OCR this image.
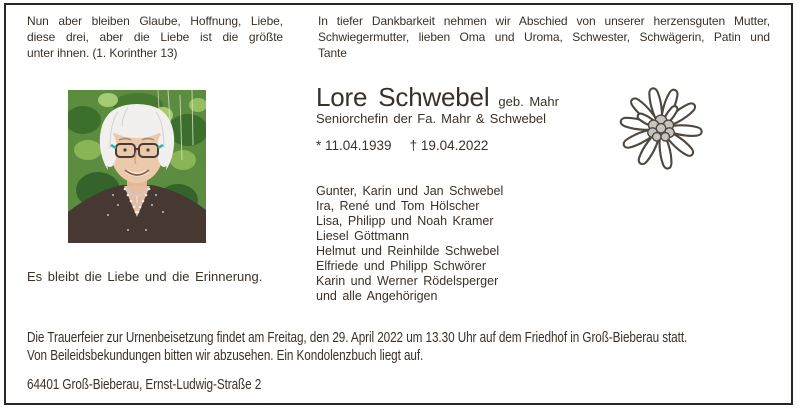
Nun aber bleiben Glaube, Hoffnung, Liebe,
diese drei, aber die Liebe ist die größte
unter ihnen. (1. Korinther 13)
In tiefer Dankbarkeit nehmen wir Abschied von unserer herzensguten Mutter,
Schwiegermutter, lieben Oma und Uroma, Schwester, Schwägerin, Patin und
Tante
Lore Schwebel geb. Mahr
Seniorchefin der Fa. Mahr & Schwebel
* 11.04.1939 † 19.04.2022
Gunter, Karin und Jan Schwebel
Ira, René und Tom Hölscher
Lisa, Philipp und Noah Kramer
Liesel Göttmann
Helmut und Reinhilde Schwebel
Elfriede und Philipp Schwörer
Karin und Werner Rödelsperger
und alle Angehörigen
Es bleibt die Liebe und die Erinnerung.
Die Trauerfeier zur Urnenbeisetzung findet am Freitag, den 29. April 2022 um 13.30 Uhr auf dem Friedhof in Groß-Bieberau statt.
Von Beileidsbekundungen bitten wir abzusehen. Ein Kondolenzbuch liegt auf.
64401 Groß-Bieberau, Ernst-Ludwig-Straße 2
